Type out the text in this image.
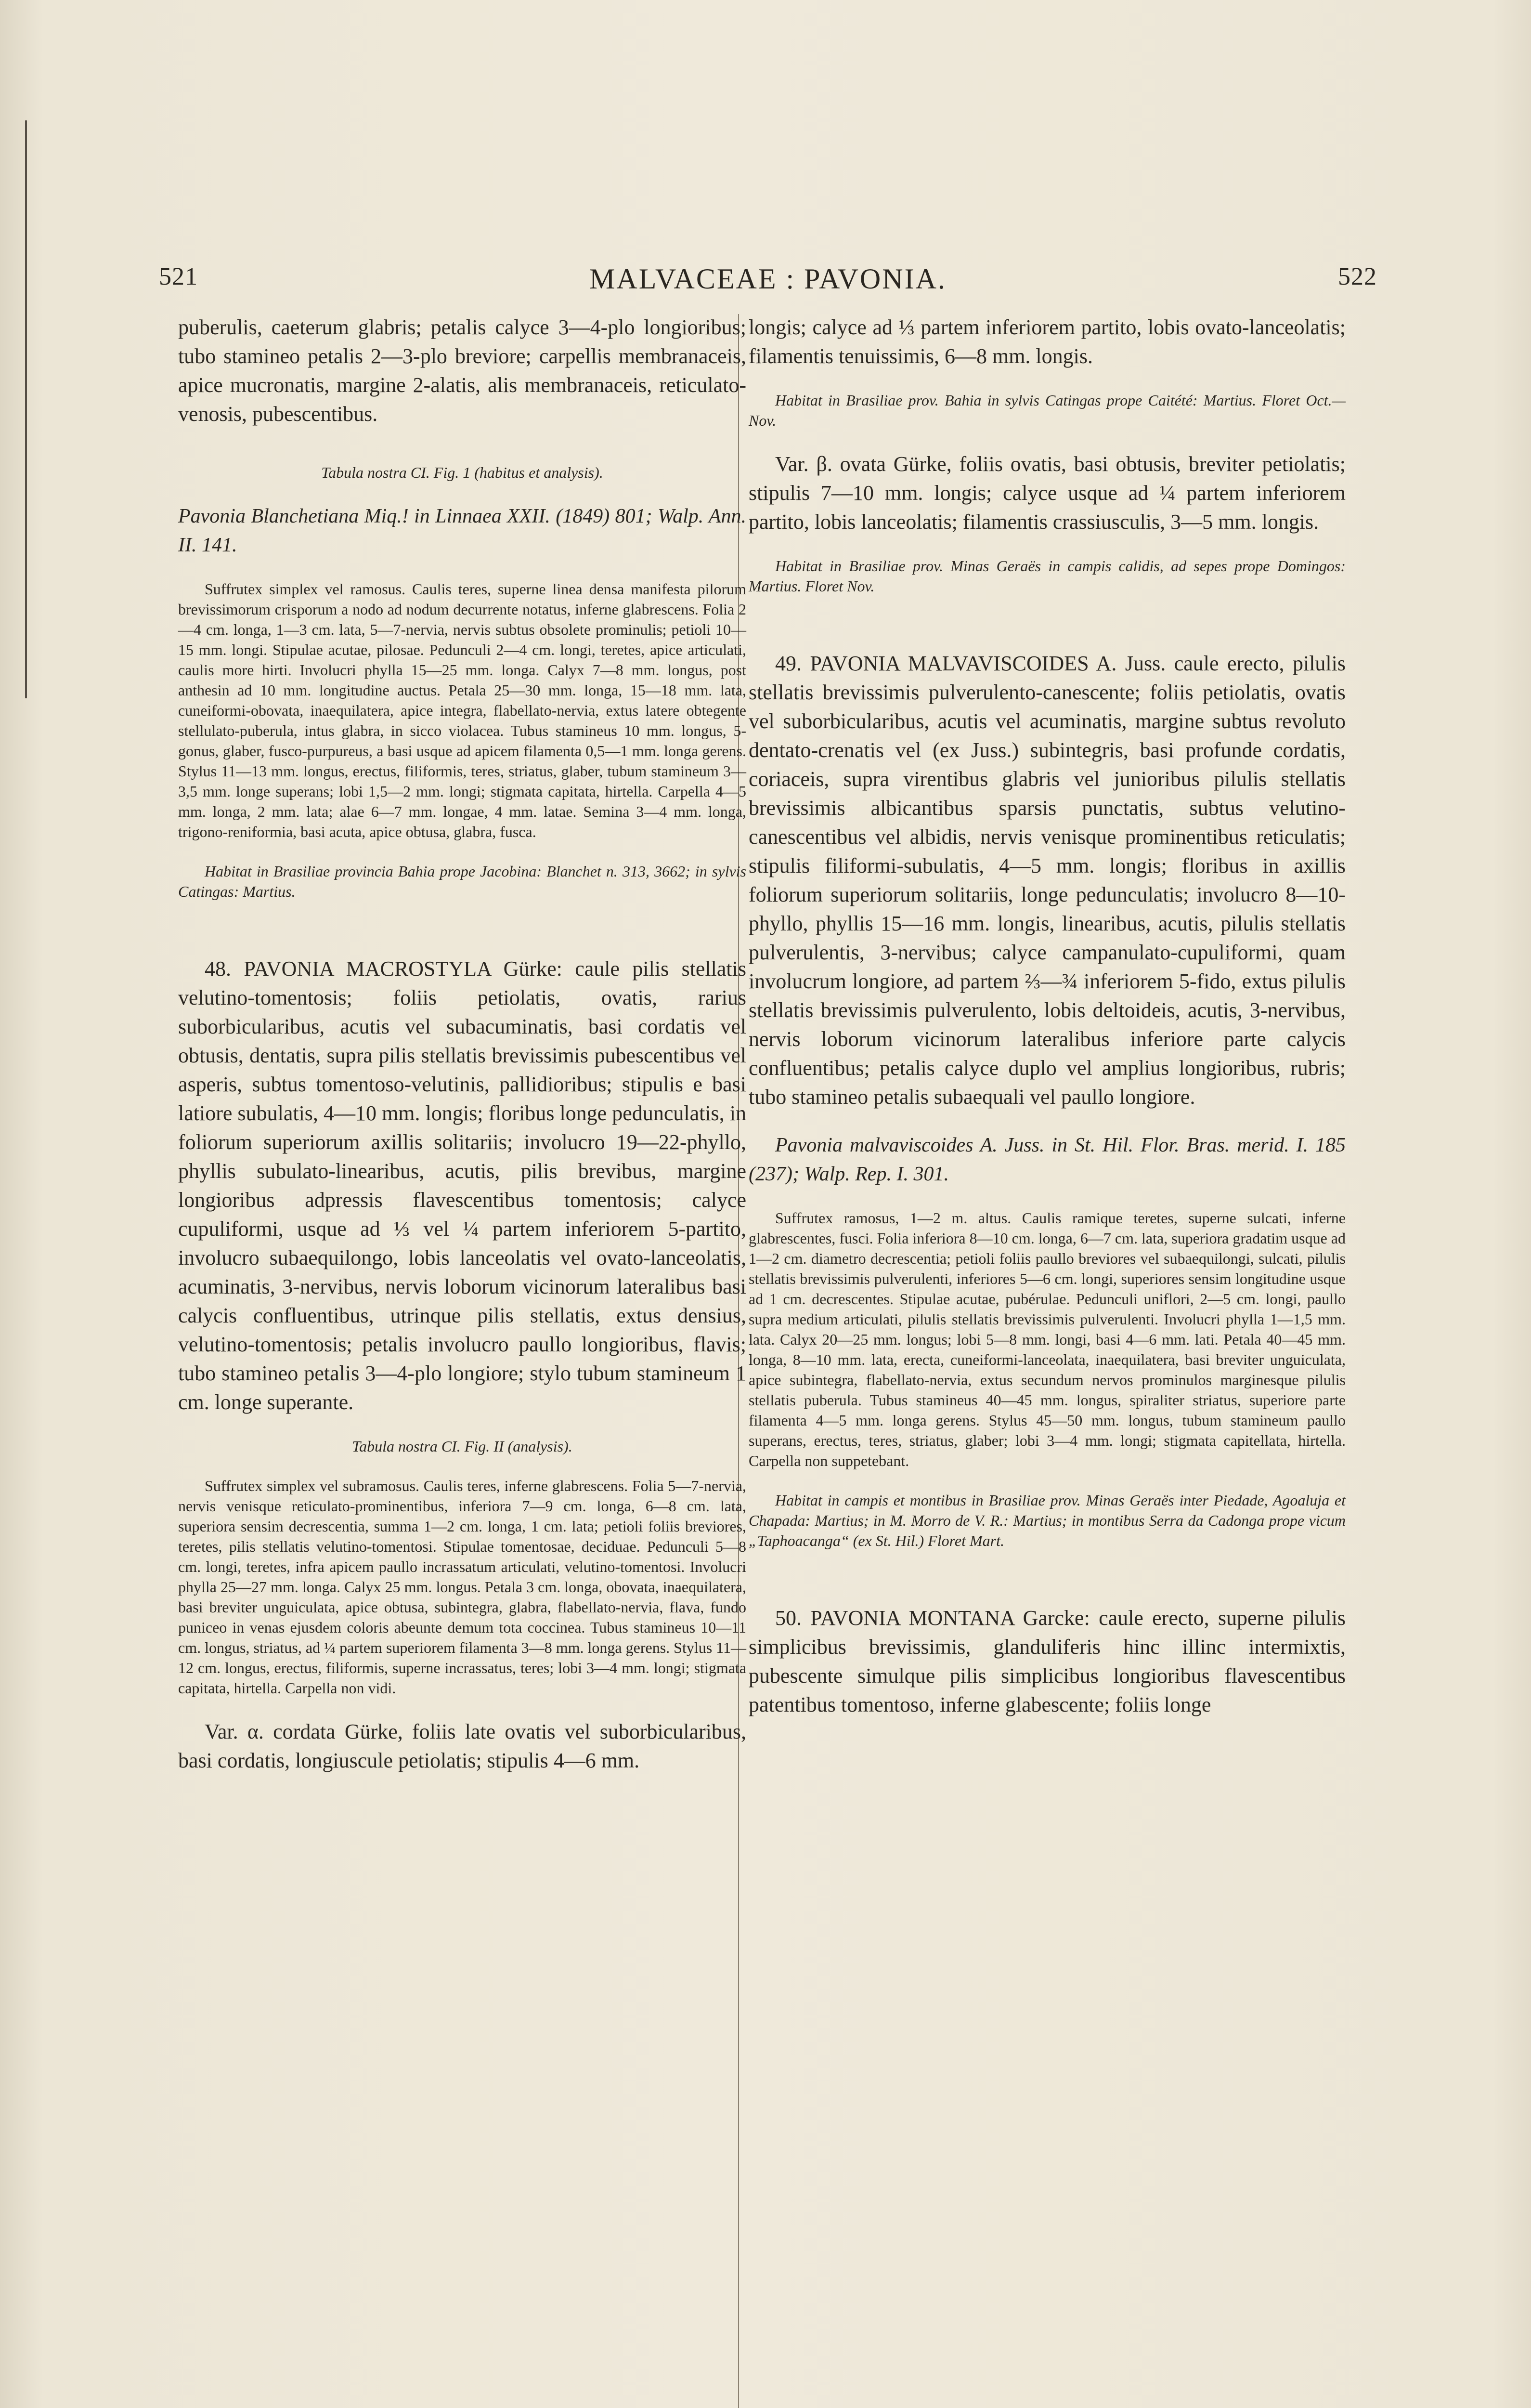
521	MALVACEAE : PAVONIA.	522

puberulis, caeterum glabris; petalis calyce 3—4-plo longioribus; tubo stamineo petalis 2—3-plo breviore; carpellis membranaceis, apice mucronatis, margine 2-alatis, alis membranaceis, reticulato-venosis, pubescentibus.

Tabula nostra CI. Fig. 1 (habitus et analysis).

Pavonia Blanchetiana Miq.! in Linnaea XXII. (1849) 801; Walp. Ann. II. 141.

Suffrutex simplex vel ramosus. Caulis teres, superne linea densa manifesta pilorum brevissimorum crisporum a nodo ad nodum decurrente notatus, inferne glabrescens. Folia 2—4 cm. longa, 1—3 cm. lata, 5—7-nervia, nervis subtus obsolete prominulis; petioli 10—15 mm. longi. Stipulae acutae, pilosae. Pedunculi 2—4 cm. longi, teretes, apice articulati, caulis more hirti. Involucri phylla 15—25 mm. longa. Calyx 7—8 mm. longus, post anthesin ad 10 mm. longitudine auctus. Petala 25—30 mm. longa, 15—18 mm. lata, cuneiformi-obovata, inaequilatera, apice integra, flabellato-nervia, extus latere obtegente stellulato-puberula, intus glabra, in sicco violacea. Tubus stamineus 10 mm. longus, 5-gonus, glaber, fusco-purpureus, a basi usque ad apicem filamenta 0,5—1 mm. longa gerens. Stylus 11—13 mm. longus, erectus, filiformis, teres, striatus, glaber, tubum stamineum 3—3,5 mm. longe superans; lobi 1,5—2 mm. longi; stigmata capitata, hirtella. Carpella 4—5 mm. longa, 2 mm. lata; alae 6—7 mm. longae, 4 mm. latae. Semina 3—4 mm. longa, trigono-reniformia, basi acuta, apice obtusa, glabra, fusca.

Habitat in Brasiliae provincia Bahia prope Jacobina: Blanchet n. 313, 3662; in sylvis Catingas: Martius.

48. PAVONIA MACROSTYLA Gürke: caule pilis stellatis velutino-tomentosis; foliis petiolatis, ovatis, rarius suborbicularibus, acutis vel subacuminatis, basi cordatis vel obtusis, dentatis, supra pilis stellatis brevissimis pubescentibus vel asperis, subtus tomentoso-velutinis, pallidioribus; stipulis e basi latiore subulatis, 4—10 mm. longis; floribus longe pedunculatis, in foliorum superiorum axillis solitariis; involucro 19—22-phyllo, phyllis subulato-linearibus, acutis, pilis brevibus, margine longioribus adpressis flavescentibus tomentosis; calyce cupuliformi, usque ad ⅓ vel ¼ partem inferiorem 5-partito, involucro subaequilongo, lobis lanceolatis vel ovato-lanceolatis, acuminatis, 3-nervibus, nervis loborum vicinorum lateralibus basi calycis confluentibus, utrinque pilis stellatis, extus densius, velutino-tomentosis; petalis involucro paullo longioribus, flavis; tubo stamineo petalis 3—4-plo longiore; stylo tubum stamineum 1 cm. longe superante.

Tabula nostra CI. Fig. II (analysis).

Suffrutex simplex vel subramosus. Caulis teres, inferne glabrescens. Folia 5—7-nervia, nervis venisque reticulato-prominentibus, inferiora 7—9 cm. longa, 6—8 cm. lata, superiora sensim decrescentia, summa 1—2 cm. longa, 1 cm. lata; petioli foliis breviores, teretes, pilis stellatis velutino-tomentosi. Stipulae tomentosae, deciduae. Pedunculi 5—8 cm. longi, teretes, infra apicem paullo incrassatum articulati, velutino-tomentosi. Involucri phylla 25—27 mm. longa. Calyx 25 mm. longus. Petala 3 cm. longa, obovata, inaequilatera, basi breviter unguiculata, apice obtusa, subintegra, glabra, flabellato-nervia, flava, fundo puniceo in venas ejusdem coloris abeunte demum tota coccinea. Tubus stamineus 10—11 cm. longus, striatus, ad ¼ partem superiorem filamenta 3—8 mm. longa gerens. Stylus 11—12 cm. longus, erectus, filiformis, superne incrassatus, teres; lobi 3—4 mm. longi; stigmata capitata, hirtella. Carpella non vidi.

Var. α. cordata Gürke, foliis late ovatis vel suborbicularibus, basi cordatis, longiuscule petiolatis; stipulis 4—6 mm.

longis; calyce ad ⅓ partem inferiorem partito, lobis ovato-lanceolatis; filamentis tenuissimis, 6—8 mm. longis.

Habitat in Brasiliae prov. Bahia in sylvis Catingas prope Caitété: Martius. Floret Oct.—Nov.

Var. β. ovata Gürke, foliis ovatis, basi obtusis, breviter petiolatis; stipulis 7—10 mm. longis; calyce usque ad ¼ partem inferiorem partito, lobis lanceolatis; filamentis crassiusculis, 3—5 mm. longis.

Habitat in Brasiliae prov. Minas Geraës in campis calidis, ad sepes prope Domingos: Martius. Floret Nov.

49. PAVONIA MALVAVISCOIDES A. Juss. caule erecto, pilulis stellatis brevissimis pulverulento-canescente; foliis petiolatis, ovatis vel suborbicularibus, acutis vel acuminatis, margine subtus revoluto dentato-crenatis vel (ex Juss.) subintegris, basi profunde cordatis, coriaceis, supra virentibus glabris vel junioribus pilulis stellatis brevissimis albicantibus sparsis punctatis, subtus velutino-canescentibus vel albidis, nervis venisque prominentibus reticulatis; stipulis filiformi-subulatis, 4—5 mm. longis; floribus in axillis foliorum superiorum solitariis, longe pedunculatis; involucro 8—10-phyllo, phyllis 15—16 mm. longis, linearibus, acutis, pilulis stellatis pulverulentis, 3-nervibus; calyce campanulato-cupuliformi, quam involucrum longiore, ad partem ⅔—¾ inferiorem 5-fido, extus pilulis stellatis brevissimis pulverulento, lobis deltoideis, acutis, 3-nervibus, nervis loborum vicinorum lateralibus inferiore parte calycis confluentibus; petalis calyce duplo vel amplius longioribus, rubris; tubo stamineo petalis subaequali vel paullo longiore.

Pavonia malvaviscoides A. Juss. in St. Hil. Flor. Bras. merid. I. 185 (237); Walp. Rep. I. 301.

Suffrutex ramosus, 1—2 m. altus. Caulis ramique teretes, superne sulcati, inferne glabrescentes, fusci. Folia inferiora 8—10 cm. longa, 6—7 cm. lata, superiora gradatim usque ad 1—2 cm. diametro decrescentia; petioli foliis paullo breviores vel subaequilongi, sulcati, pilulis stellatis brevissimis pulverulenti, inferiores 5—6 cm. longi, superiores sensim longitudine usque ad 1 cm. decrescentes. Stipulae acutae, pubérulae. Pedunculi uniflori, 2—5 cm. longi, paullo supra medium articulati, pilulis stellatis brevissimis pulverulenti. Involucri phylla 1—1,5 mm. lata. Calyx 20—25 mm. longus; lobi 5—8 mm. longi, basi 4—6 mm. lati. Petala 40—45 mm. longa, 8—10 mm. lata, erecta, cuneiformi-lanceolata, inaequilatera, basi breviter unguiculata, apice subintegra, flabellato-nervia, extus secundum nervos prominulos marginesque pilulis stellatis puberula. Tubus stamineus 40—45 mm. longus, spiraliter striatus, superiore parte filamenta 4—5 mm. longa gerens. Stylus 45—50 mm. longus, tubum stamineum paullo superans, erectus, teres, striatus, glaber; lobi 3—4 mm. longi; stigmata capitellata, hirtella. Carpella non suppetebant.

Habitat in campis et montibus in Brasiliae prov. Minas Geraës inter Piedade, Agoaluja et Chapada: Martius; in M. Morro de V. R.: Martius; in montibus Serra da Cadonga prope vicum „Taphoacanga“ (ex St. Hil.) Floret Mart.

50. PAVONIA MONTANA Garcke: caule erecto, superne pilulis simplicibus brevissimis, glanduliferis hinc illinc intermixtis, pubescente simulque pilis simplicibus longioribus flavescentibus patentibus tomentoso, inferne glabescente; foliis longe
